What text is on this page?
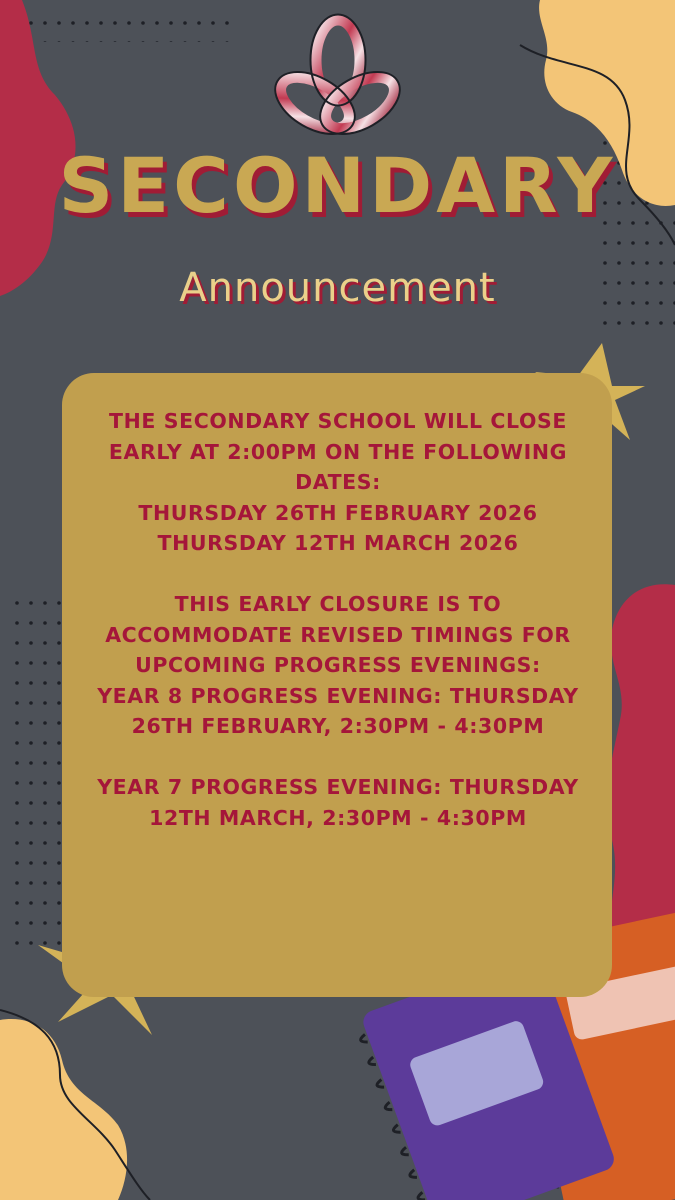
SECONDARY
Announcement
THE SECONDARY SCHOOL WILL CLOSE
EARLY AT 2:00PM ON THE FOLLOWING
DATES:
THURSDAY 26TH FEBRUARY 2026
THURSDAY 12TH MARCH 2026
THIS EARLY CLOSURE IS TO
ACCOMMODATE REVISED TIMINGS FOR
UPCOMING PROGRESS EVENINGS:
YEAR 8 PROGRESS EVENING: THURSDAY
26TH FEBRUARY, 2:30PM - 4:30PM
YEAR 7 PROGRESS EVENING: THURSDAY
12TH MARCH, 2:30PM - 4:30PM
